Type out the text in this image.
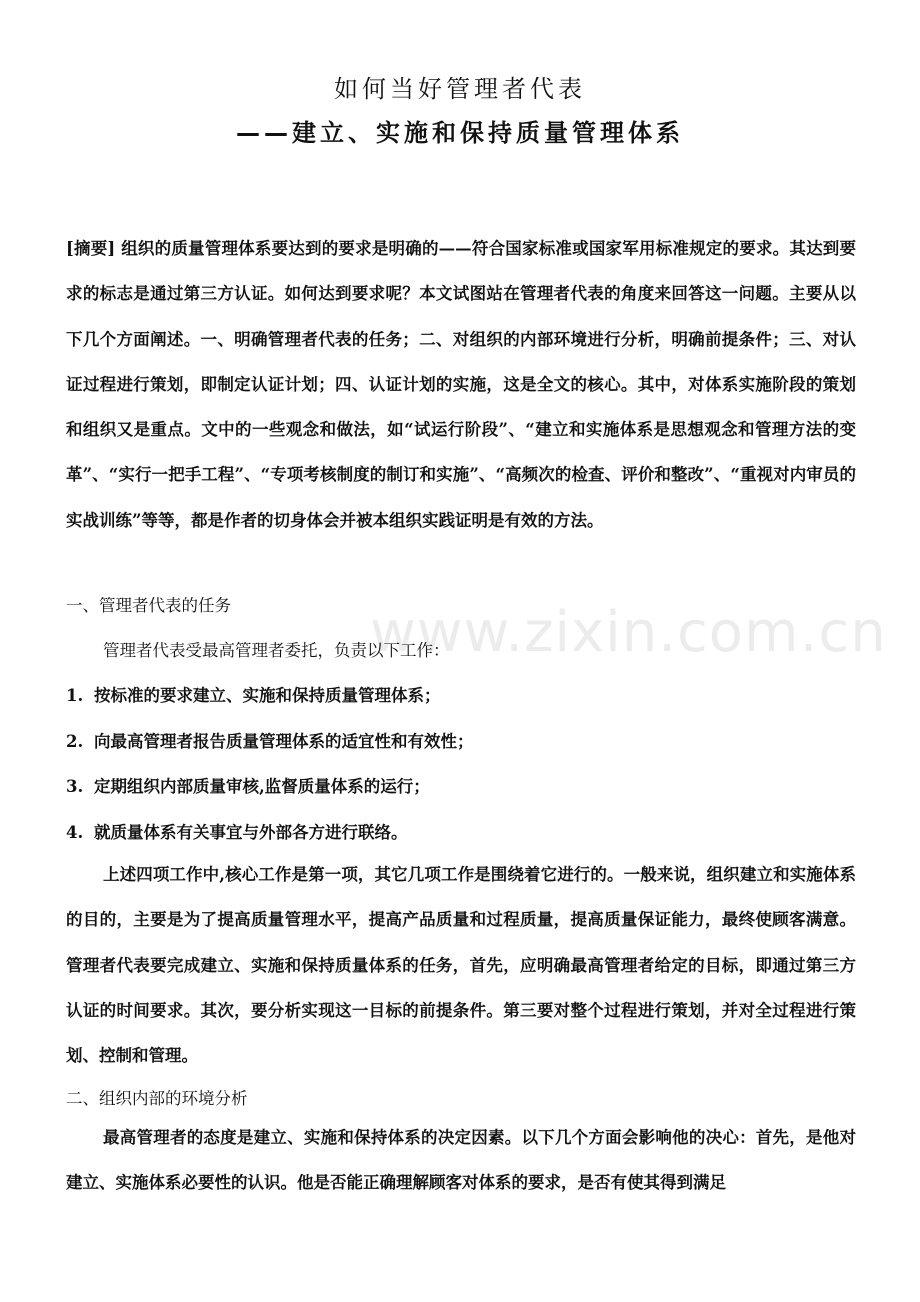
如何当好管理者代表
——建立、实施和保持质量管理体系

[摘要] 组织的质量管理体系要达到的要求是明确的——符合国家标准或国家军用标准规定的要求。其达到要求的标志是通过第三方认证。如何达到要求呢？本文试图站在管理者代表的角度来回答这一问题。主要从以下几个方面阐述。一、明确管理者代表的任务；二、对组织的内部环境进行分析，明确前提条件；三、对认证过程进行策划，即制定认证计划；四、认证计划的实施，这是全文的核心。其中，对体系实施阶段的策划和组织又是重点。文中的一些观念和做法，如“试运行阶段”、“建立和实施体系是思想观念和管理方法的变革”、“实行一把手工程”、“专项考核制度的制订和实施”、“高频次的检查、评价和整改”、“重视对内审员的实战训练”等等，都是作者的切身体会并被本组织实践证明是有效的方法。

www.zixin.com.cn

一、管理者代表的任务

管理者代表受最高管理者委托，负责以下工作：

1. 按标准的要求建立、实施和保持质量管理体系；

2. 向最高管理者报告质量管理体系的适宜性和有效性；

3. 定期组织内部质量审核,监督质量体系的运行；

4. 就质量体系有关事宜与外部各方进行联络。

上述四项工作中,核心工作是第一项，其它几项工作是围绕着它进行的。一般来说，组织建立和实施体系的目的，主要是为了提高质量管理水平，提高产品质量和过程质量，提高质量保证能力，最终使顾客满意。管理者代表要完成建立、实施和保持质量体系的任务，首先，应明确最高管理者给定的目标，即通过第三方认证的时间要求。其次，要分析实现这一目标的前提条件。第三要对整个过程进行策划，并对全过程进行策划、控制和管理。

二、组织内部的环境分析

最高管理者的态度是建立、实施和保持体系的决定因素。以下几个方面会影响他的决心：首先，是他对建立、实施体系必要性的认识。他是否能正确理解顾客对体系的要求，是否有使其得到满足
